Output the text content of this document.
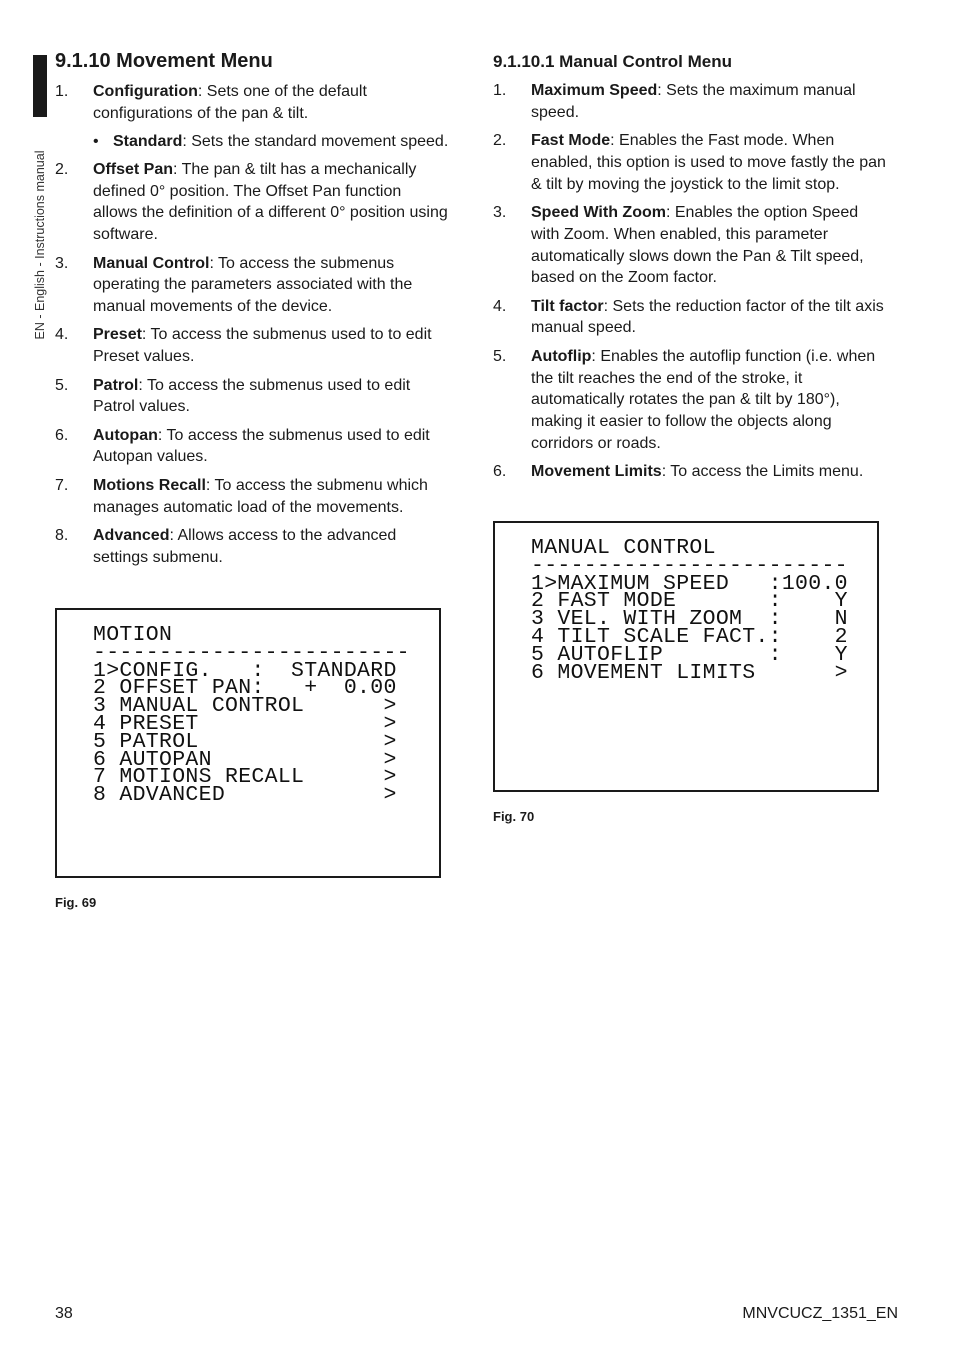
EN - English - Instructions manual
9.1.10 Movement Menu
1. Configuration: Sets one of the default configurations of the pan & tilt.
• Standard: Sets the standard movement speed.
2. Offset Pan: The pan & tilt has a mechanically defined 0° position. The Offset Pan function allows the definition of a different 0° position using software.
3. Manual Control: To access the submenus operating the parameters associated with the manual movements of the device.
4. Preset: To access the submenus used to to edit Preset values.
5. Patrol: To access the submenus used to edit Patrol values.
6. Autopan: To access the submenus used to edit Autopan values.
7. Motions Recall: To access the submenu which manages automatic load of the movements.
8. Advanced: Allows access to the advanced settings submenu.
MOTION
------------------------
1>CONFIG.   :  STANDARD
2 OFFSET PAN:   +  0.00
3 MANUAL CONTROL      >
4 PRESET              >
5 PATROL              >
6 AUTOPAN             >
7 MOTIONS RECALL      >
8 ADVANCED            >
Fig. 69
9.1.10.1 Manual Control Menu
1. Maximum Speed: Sets the maximum manual speed.
2. Fast Mode: Enables the Fast mode. When enabled, this option is used to move fastly the pan & tilt by moving the joystick to the limit stop.
3. Speed With Zoom: Enables the option Speed with Zoom. When enabled, this parameter automatically slows down the Pan & Tilt speed, based on the Zoom factor.
4. Tilt factor: Sets the reduction factor of the tilt axis manual speed.
5. Autoflip: Enables the autoflip function (i.e. when the tilt reaches the end of the stroke, it automatically rotates the pan & tilt by 180°), making it easier to follow the objects along corridors or roads.
6. Movement Limits: To access the Limits menu.
MANUAL CONTROL
------------------------
1>MAXIMUM SPEED   :100.0
2 FAST MODE       :    Y
3 VEL. WITH ZOOM  :    N
4 TILT SCALE FACT.:    2
5 AUTOFLIP        :    Y
6 MOVEMENT LIMITS      >
Fig. 70
38	MNVCUCZ_1351_EN
